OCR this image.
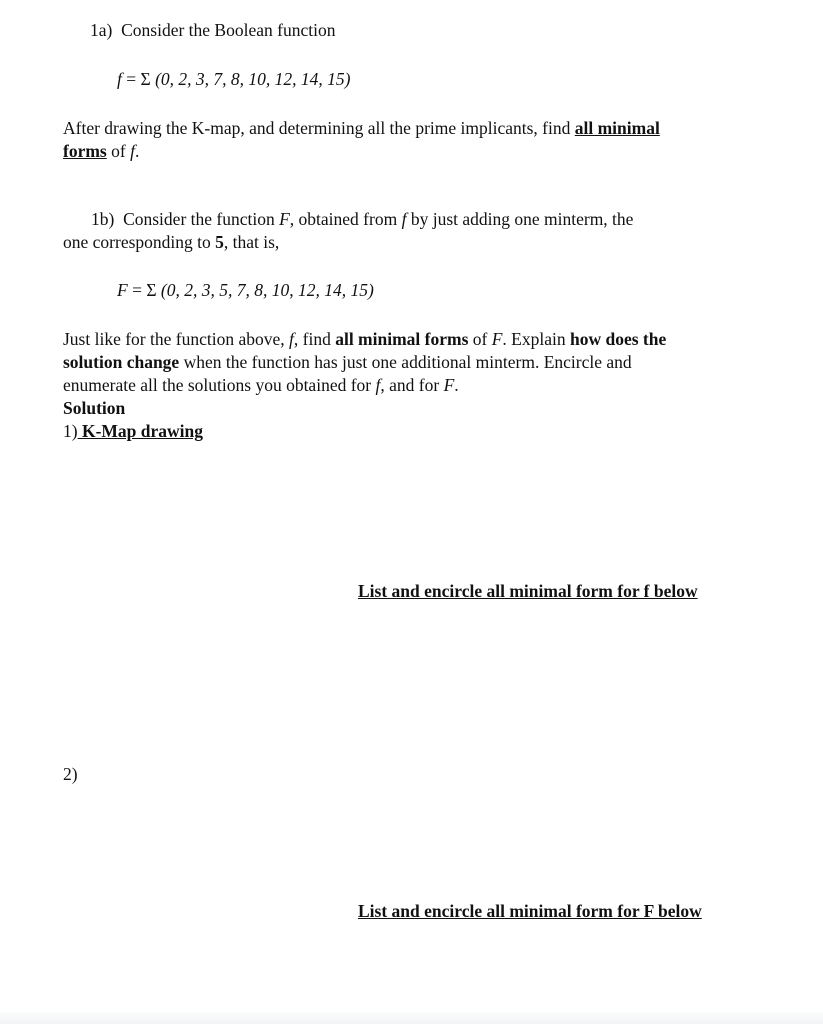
1a) Consider the Boolean function
f = Σ (0, 2, 3, 7, 8, 10, 12, 14, 15)
After drawing the K-map, and determining all the prime implicants, find all minimal
forms of f.
1b) Consider the function F, obtained from f by just adding one minterm, the
one corresponding to 5, that is,
F = Σ (0, 2, 3, 5, 7, 8, 10, 12, 14, 15)
Just like for the function above, f, find all minimal forms of F. Explain how does the
solution change when the function has just one additional minterm. Encircle and
enumerate all the solutions you obtained for f, and for F.
Solution
1) K-Map drawing
List and encircle all minimal form for f below
2)
List and encircle all minimal form for F below
